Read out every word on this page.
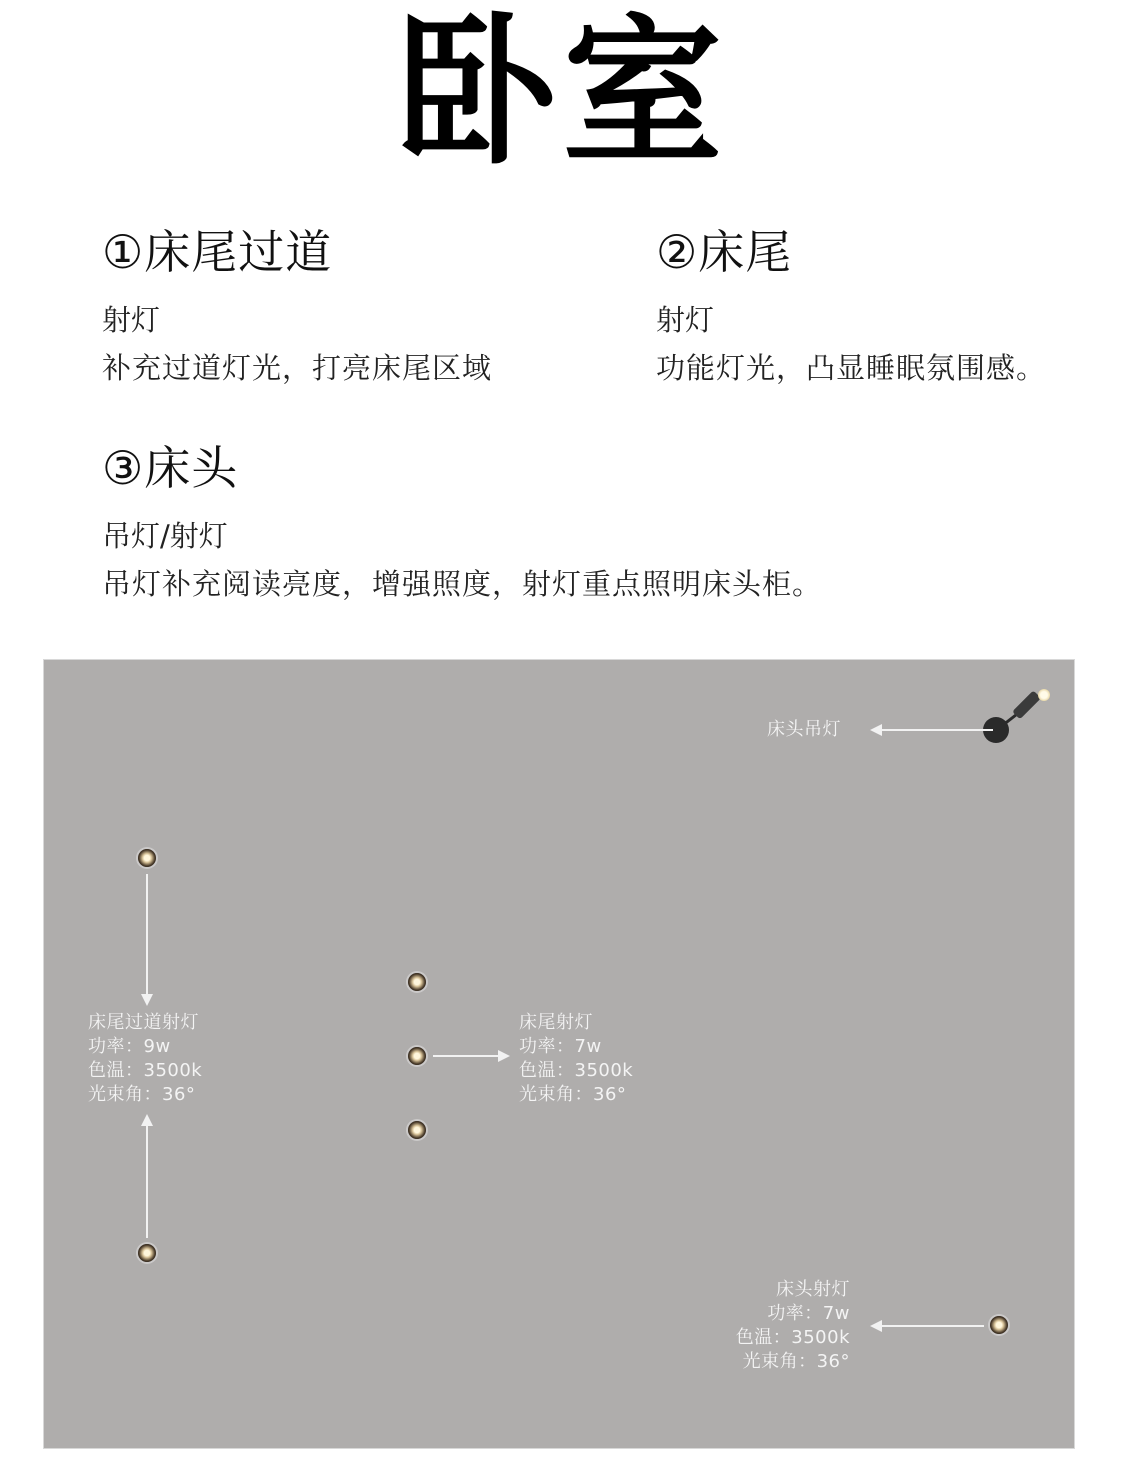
卧室
①床尾过道
射灯
补充过道灯光，打亮床尾区域
②床尾
射灯
功能灯光，凸显睡眠氛围感。
③床头
吊灯/射灯
吊灯补充阅读亮度，增强照度，射灯重点照明床头柜。
床头吊灯
床尾过道射灯
功率：9w
色温：3500k
光束角：36°
床尾射灯
功率：7w
色温：3500k
光束角：36°
床头射灯
功率：7w
色温：3500k
光束角：36°
